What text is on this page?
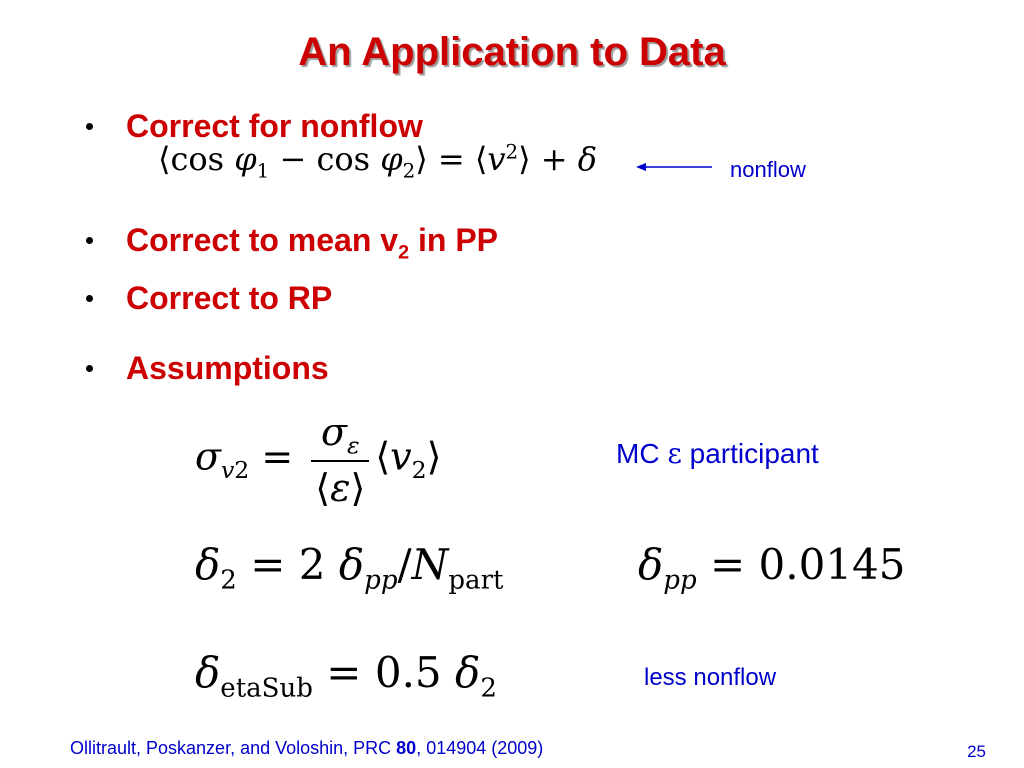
An Application to Data
Correct for nonflow
⟨cos $\varphi_1 - \cos$ $\varphi_2⟩$ = $⟨v^2⟩ + \delta$	nonflow
Correct to mean $v_2$ in PP
Correct to RP
Assumptions
$\sigma_{v2} = \frac{\sigma_\varepsilon}{⟨\varepsilon⟩}$ $⟨v_2⟩$	MC ε participant
$\delta_2 = 2$ $\delta_{pp}/N_{part}$	$\delta_{pp} = 0.0145$
$\delta_{etaSub} = 0.5$ $\delta_2$	less nonflow
Ollitrault, Poskanzer, and Voloshin, PRC 80, 014904 (2009)	25
